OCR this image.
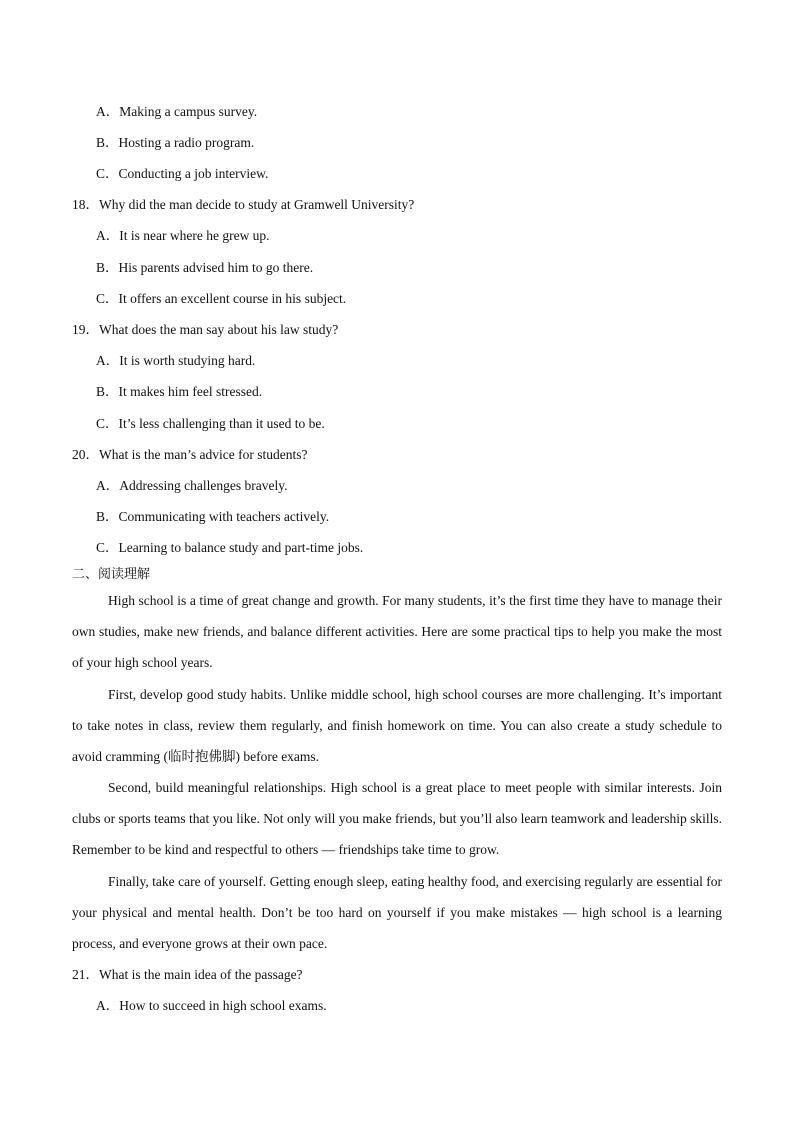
A．Making a campus survey.
B．Hosting a radio program.
C．Conducting a job interview.
18．Why did the man decide to study at Gramwell University?
A．It is near where he grew up.
B．His parents advised him to go there.
C．It offers an excellent course in his subject.
19．What does the man say about his law study?
A．It is worth studying hard.
B．It makes him feel stressed.
C．It’s less challenging than it used to be.
20．What is the man’s advice for students?
A．Addressing challenges bravely.
B．Communicating with teachers actively.
C．Learning to balance study and part-time jobs.
二、阅读理解
High school is a time of great change and growth. For many students, it’s the first time they have to manage their own studies, make new friends, and balance different activities. Here are some practical tips to help you make the most of your high school years.
First, develop good study habits. Unlike middle school, high school courses are more challenging. It’s important to take notes in class, review them regularly, and finish homework on time. You can also create a study schedule to avoid cramming (临时抱佛脚) before exams.
Second, build meaningful relationships. High school is a great place to meet people with similar interests. Join clubs or sports teams that you like. Not only will you make friends, but you’ll also learn teamwork and leadership skills. Remember to be kind and respectful to others — friendships take time to grow.
Finally, take care of yourself. Getting enough sleep, eating healthy food, and exercising regularly are essential for your physical and mental health. Don’t be too hard on yourself if you make mistakes — high school is a learning process, and everyone grows at their own pace.
21．What is the main idea of the passage?
A．How to succeed in high school exams.
